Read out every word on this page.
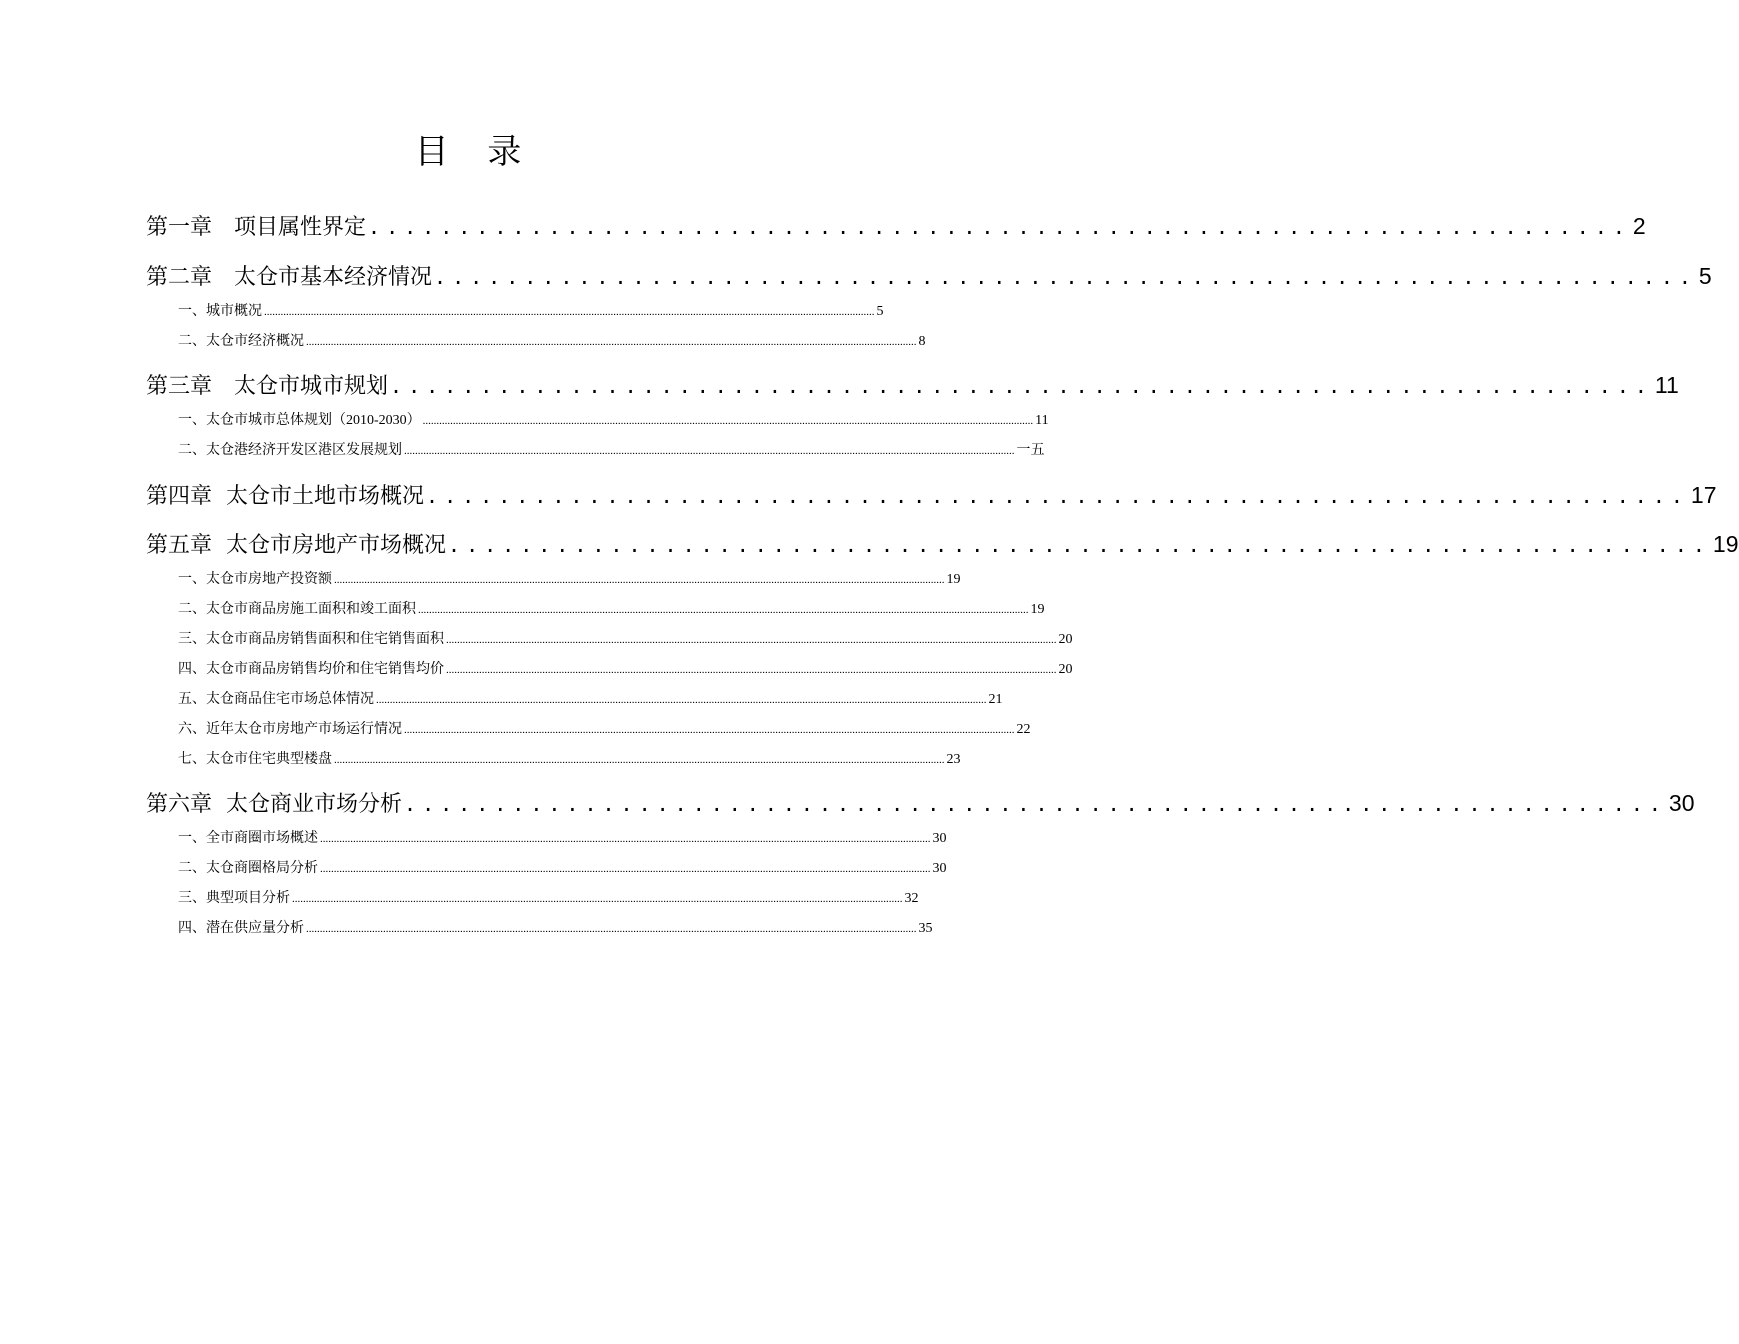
目 录
第一章 项目属性界定 ...................................................................... 2
第二章 太仓市基本经济情况 ...................................................................... 5
一、城市概况 .............................................................................................................................................................................................................................. 5
二、太仓市经济概况 .............................................................................................................................................................................................................................. 8
第三章 太仓市城市规划 ...................................................................... 11
一、太仓市城市总体规划（2010-2030） .............................................................................................................................................................................................................................. 11
二、太仓港经济开发区港区发展规划 .............................................................................................................................................................................................................................. 一五
第四章 太仓市土地市场概况 ...................................................................... 17
第五章 太仓市房地产市场概况 ...................................................................... 19
一、太仓市房地产投资额 .............................................................................................................................................................................................................................. 19
二、太仓市商品房施工面积和竣工面积 .............................................................................................................................................................................................................................. 19
三、太仓市商品房销售面积和住宅销售面积 .............................................................................................................................................................................................................................. 20
四、太仓市商品房销售均价和住宅销售均价 .............................................................................................................................................................................................................................. 20
五、太仓商品住宅市场总体情况 .............................................................................................................................................................................................................................. 21
六、近年太仓市房地产市场运行情况 .............................................................................................................................................................................................................................. 22
七、太仓市住宅典型楼盘 .............................................................................................................................................................................................................................. 23
第六章 太仓商业市场分析 ...................................................................... 30
一、全市商圈市场概述 .............................................................................................................................................................................................................................. 30
二、太仓商圈格局分析 .............................................................................................................................................................................................................................. 30
三、典型项目分析 .............................................................................................................................................................................................................................. 32
四、潜在供应量分析 .............................................................................................................................................................................................................................. 35
